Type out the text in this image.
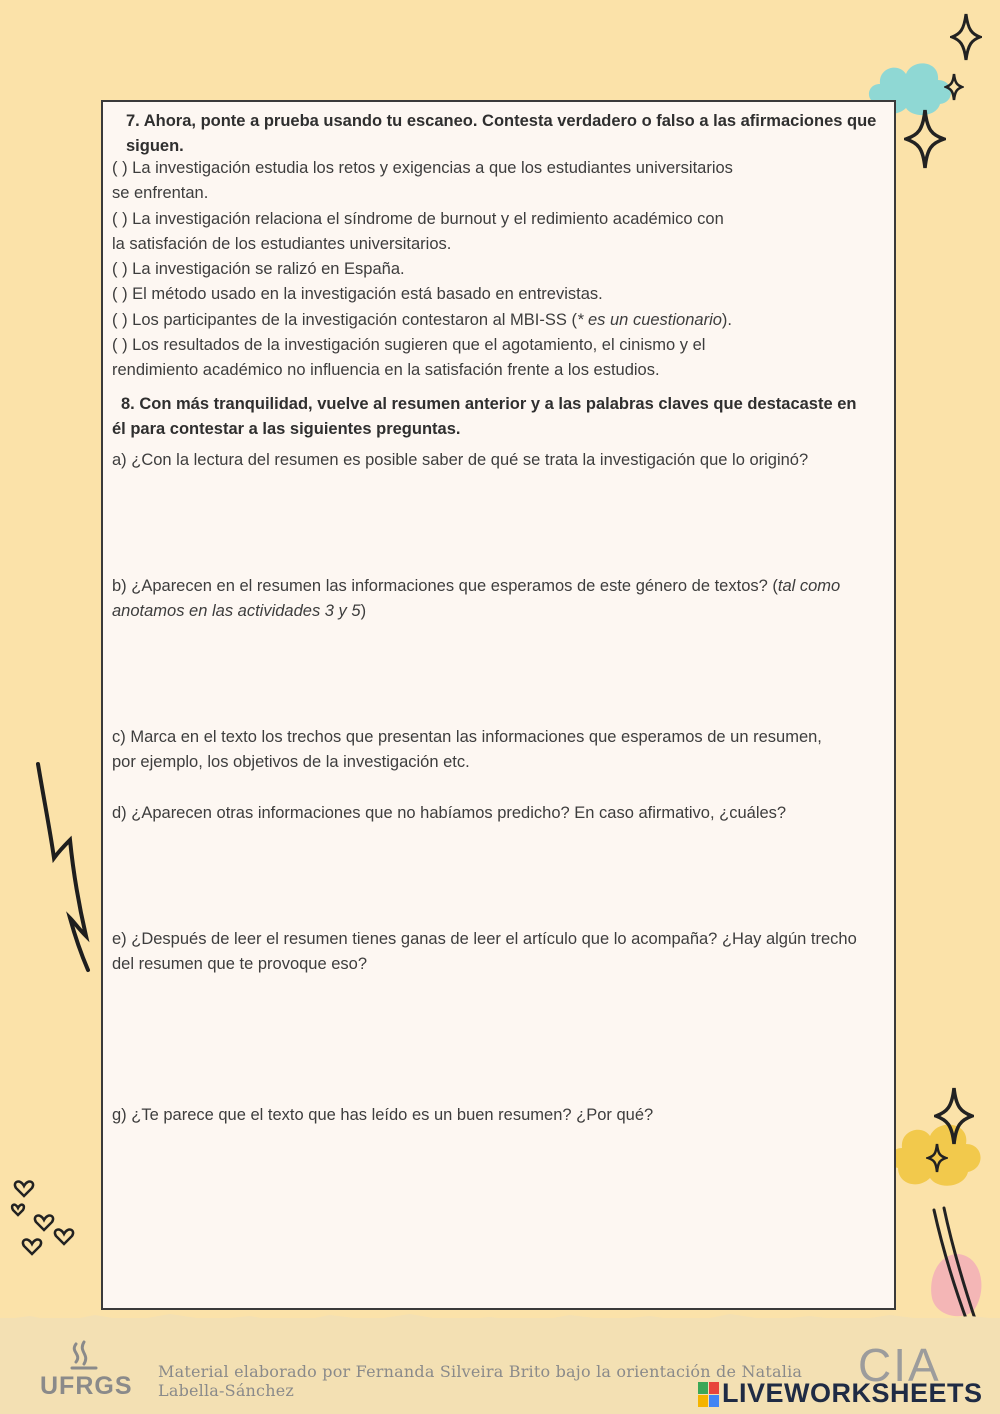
7. Ahora, ponte a prueba usando tu escaneo. Contesta verdadero o falso a las afirmaciones que siguen.
( ) La investigación estudia los retos y exigencias a que los estudiantes universitarios
se enfrentan.
( ) La investigación relaciona el síndrome de burnout y el redimiento académico con
la satisfación de los estudiantes universitarios.
( ) La investigación se ralizó en España.
( ) El método usado en la investigación está basado en entrevistas.
( ) Los participantes de la investigación contestaron al MBI-SS (* es un cuestionario).
( ) Los resultados de la investigación sugieren que el agotamiento, el cinismo y el
rendimiento académico no influencia en la satisfación frente a los estudios.
8. Con más tranquilidad, vuelve al resumen anterior y a las palabras claves que destacaste en él para contestar a las siguientes preguntas.
a) ¿Con la lectura del resumen es posible saber de qué se trata la investigación que lo originó?
b) ¿Aparecen en el resumen las informaciones que esperamos de este género de textos? (tal como anotamos en las actividades 3 y 5)
c) Marca en el texto los trechos que presentan las informaciones que esperamos de un resumen, por ejemplo, los objetivos de la investigación etc.
d) ¿Aparecen otras informaciones que no habíamos predicho? En caso afirmativo, ¿cuáles?
e) ¿Después de leer el resumen tienes ganas de leer el artículo que lo acompaña? ¿Hay algún trecho del resumen que te provoque eso?
g) ¿Te parece que el texto que has leído es un buen resumen? ¿Por qué?
UFRGS
Material elaborado por Fernanda Silveira Brito bajo la orientación de Natalia Labella-Sánchez	CIA
LIVEWORKSHEETS
